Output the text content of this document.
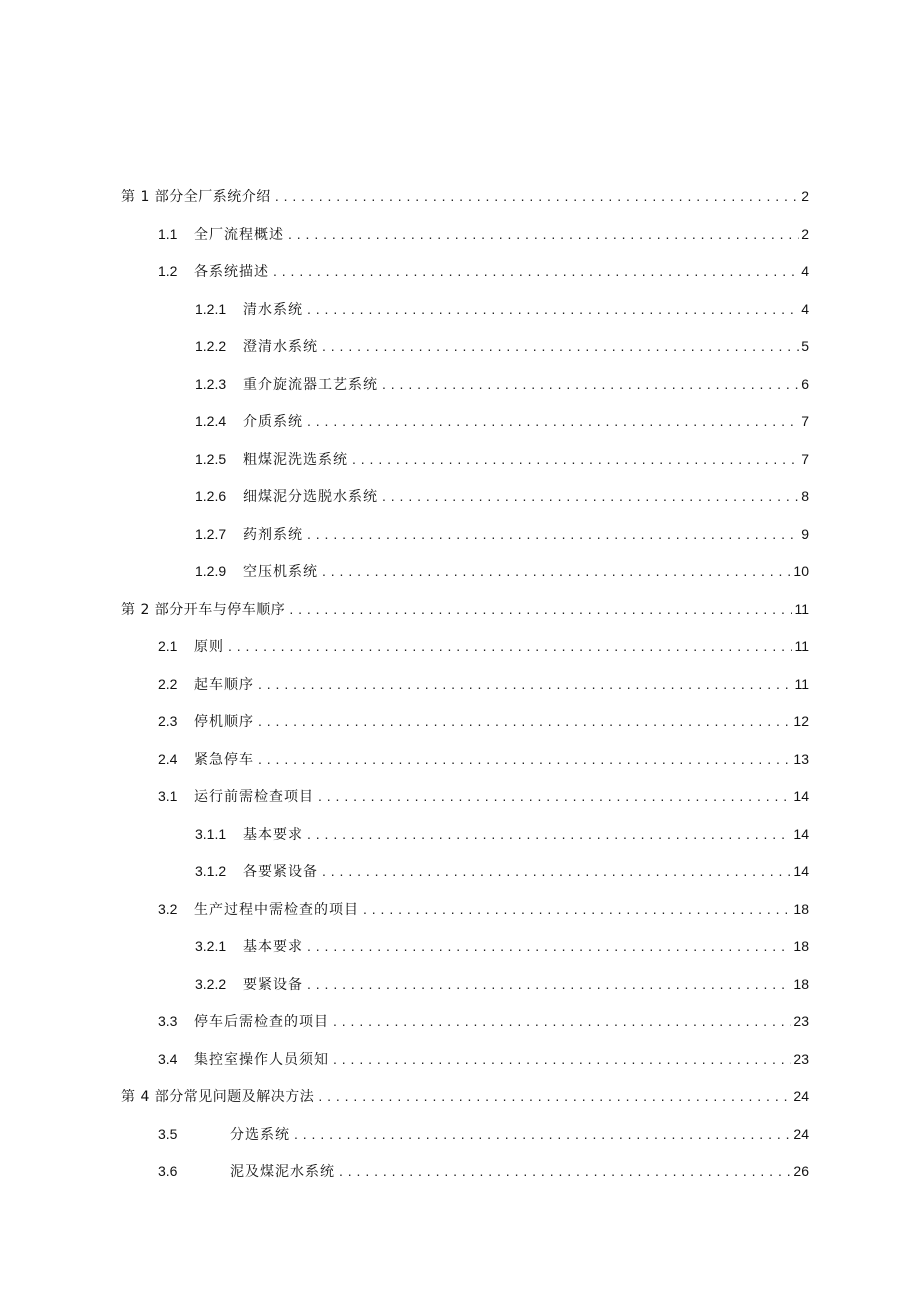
第 1 部分全厂系统介绍 . . .	2
1.1	全厂流程概述 . . .	2
1.2	各系统描述 . . .	4
1.2.1	清水系统 . . .	4
1.2.2	澄清水系统 . . .	5
1.2.3	重介旋流器工艺系统 . . .	6
1.2.4	介质系统 . . .	7
1.2.5	粗煤泥洗选系统 . . .	7
1.2.6	细煤泥分选脱水系统 . . .	8
1.2.7	药剂系统 . . .	9
1.2.9	空压机系统 . . .	10
第 2 部分开车与停车顺序 . . .	11
2.1	原则 . . .	11
2.2	起车顺序 . . .	11
2.3	停机顺序 . . .	12
2.4	紧急停车 . . .	13
3.1	运行前需检查项目 . . .	14
3.1.1	基本要求 . . .	14
3.1.2	各要紧设备 . . .	14
3.2	生产过程中需检查的项目 . . .	18
3.2.1	基本要求 . . .	18
3.2.2	要紧设备 . . .	18
3.3	停车后需检查的项目 . . .	23
3.4	集控室操作人员须知 . . .	23
第 4 部分常见问题及解决方法 . . .	24
3.5	分选系统 . . .	24
3.6	泥及煤泥水系统 . . .	26
